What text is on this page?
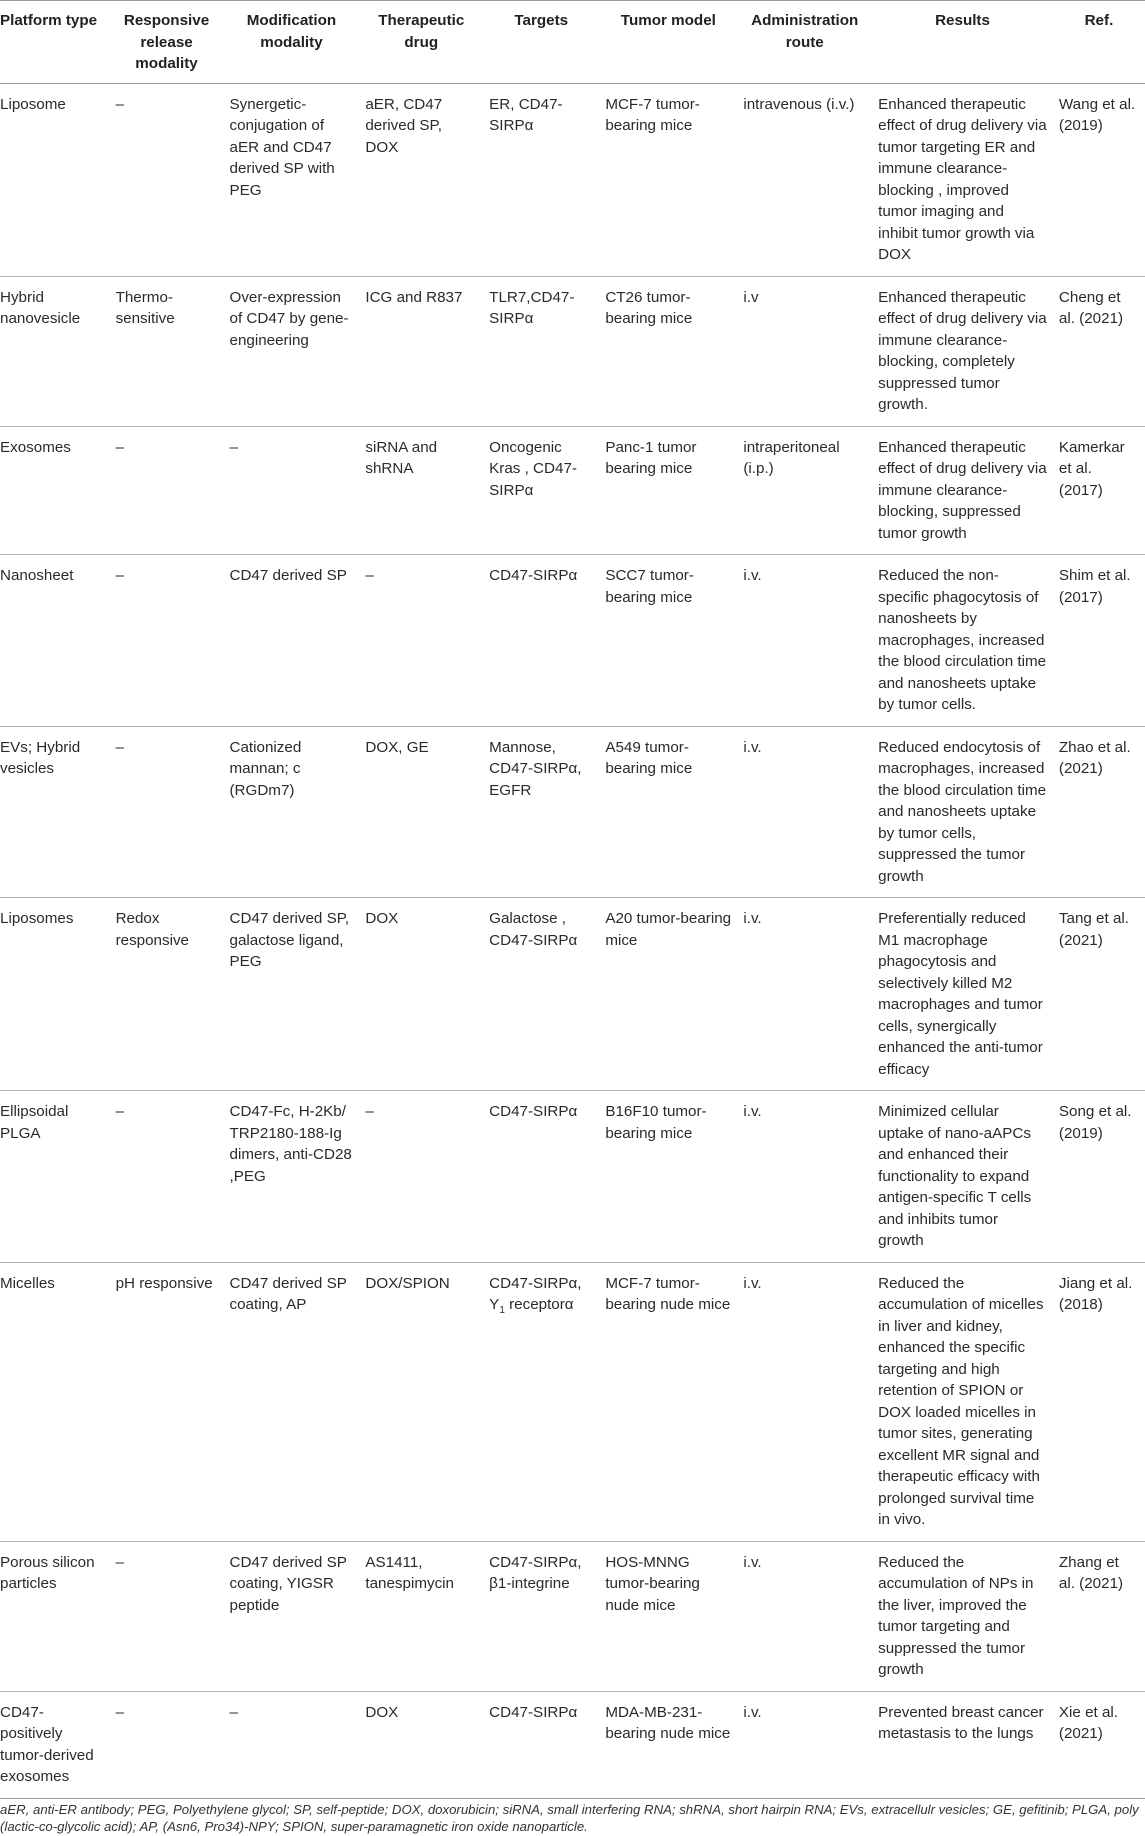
Platform type	Responsive release modality	Modification modality	Therapeutic drug	Targets	Tumor model	Administration route	Results	Ref.
Liposome	–	Synergetic-conjugation of aER and CD47 derived SP with PEG	aER, CD47 derived SP, DOX	ER, CD47-SIRPα	MCF-7 tumor-bearing mice	intravenous (i.v.)	Enhanced therapeutic effect of drug delivery via tumor targeting ER and immune clearance-blocking , improved tumor imaging and inhibit tumor growth via DOX	Wang et al. (2019)
Hybrid nanovesicle	Thermo-sensitive	Over-expression of CD47 by gene-engineering	ICG and R837	TLR7,CD47-SIRPα	CT26 tumor-bearing mice	i.v	Enhanced therapeutic effect of drug delivery via immune clearance-blocking, completely suppressed tumor growth.	Cheng et al. (2021)
Exosomes	–	–	siRNA and shRNA	Oncogenic Kras , CD47-SIRPα	Panc-1 tumor bearing mice	intraperitoneal (i.p.)	Enhanced therapeutic effect of drug delivery via immune clearance-blocking, suppressed tumor growth	Kamerkar et al. (2017)
Nanosheet	–	CD47 derived SP	–	CD47-SIRPα	SCC7 tumor-bearing mice	i.v.	Reduced the non-specific phagocytosis of nanosheets by macrophages, increased the blood circulation time and nanosheets uptake by tumor cells.	Shim et al. (2017)
EVs; Hybrid vesicles	–	Cationized mannan; c (RGDm7)	DOX, GE	Mannose, CD47-SIRPα, EGFR	A549 tumor-bearing mice	i.v.	Reduced endocytosis of macrophages, increased the blood circulation time and nanosheets uptake by tumor cells, suppressed the tumor growth	Zhao et al. (2021)
Liposomes	Redox responsive	CD47 derived SP, galactose ligand, PEG	DOX	Galactose , CD47-SIRPα	A20 tumor-bearing mice	i.v.	Preferentially reduced M1 macrophage phagocytosis and selectively killed M2 macrophages and tumor cells, synergically enhanced the anti-tumor efficacy	Tang et al. (2021)
Ellipsoidal PLGA	–	CD47-Fc, H-2Kb/ TRP2180-188-Ig dimers, anti-CD28 ,PEG	–	CD47-SIRPα	B16F10 tumor-bearing mice	i.v.	Minimized cellular uptake of nano-aAPCs and enhanced their functionality to expand antigen-specific T cells and inhibits tumor growth	Song et al. (2019)
Micelles	pH responsive	CD47 derived SP coating, AP	DOX/SPION	CD47-SIRPα, $Y_1$ receptorα	MCF-7 tumor-bearing nude mice	i.v.	Reduced the accumulation of micelles in liver and kidney, enhanced the specific targeting and high retention of SPION or DOX loaded micelles in tumor sites, generating excellent MR signal and therapeutic efficacy with prolonged survival time in vivo.	Jiang et al. (2018)
Porous silicon particles	–	CD47 derived SP coating, YIGSR peptide	AS1411, tanespimycin	CD47-SIRPα, β1-integrine	HOS-MNNG tumor-bearing nude mice	i.v.	Reduced the accumulation of NPs in the liver, improved the tumor targeting and suppressed the tumor growth	Zhang et al. (2021)
CD47-positively tumor-derived exosomes	–	–	DOX	CD47-SIRPα	MDA-MB-231-bearing nude mice	i.v.	Prevented breast cancer metastasis to the lungs	Xie et al. (2021)
aER, anti-ER antibody; PEG, Polyethylene glycol; SP, self-peptide; DOX, doxorubicin; siRNA, small interfering RNA; shRNA, short hairpin RNA; EVs, extracellulr vesicles; GE, gefitinib; PLGA, poly (lactic-co-glycolic acid); AP, (Asn6, Pro34)-NPY; SPION, super-paramagnetic iron oxide nanoparticle.
